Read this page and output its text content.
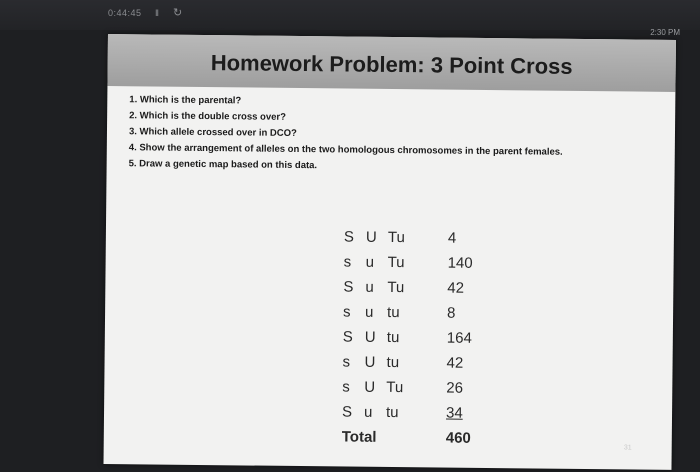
0:44:45 II ↻
2:30 PM
Homework Problem: 3 Point Cross
1. Which is the parental?
2. Which is the double cross over?
3. Which allele crossed over in DCO?
4. Show the arrangement of alleles on the two homologous chromosomes in the parent females.
5. Draw a genetic map based on this data.
S	U	Tu	4
s	u	Tu	140
S	u	Tu	42
s	u	tu	8
S	U	tu	164
s	U	tu	42
s	U	Tu	26
S	u	tu	34
Total			460
31
